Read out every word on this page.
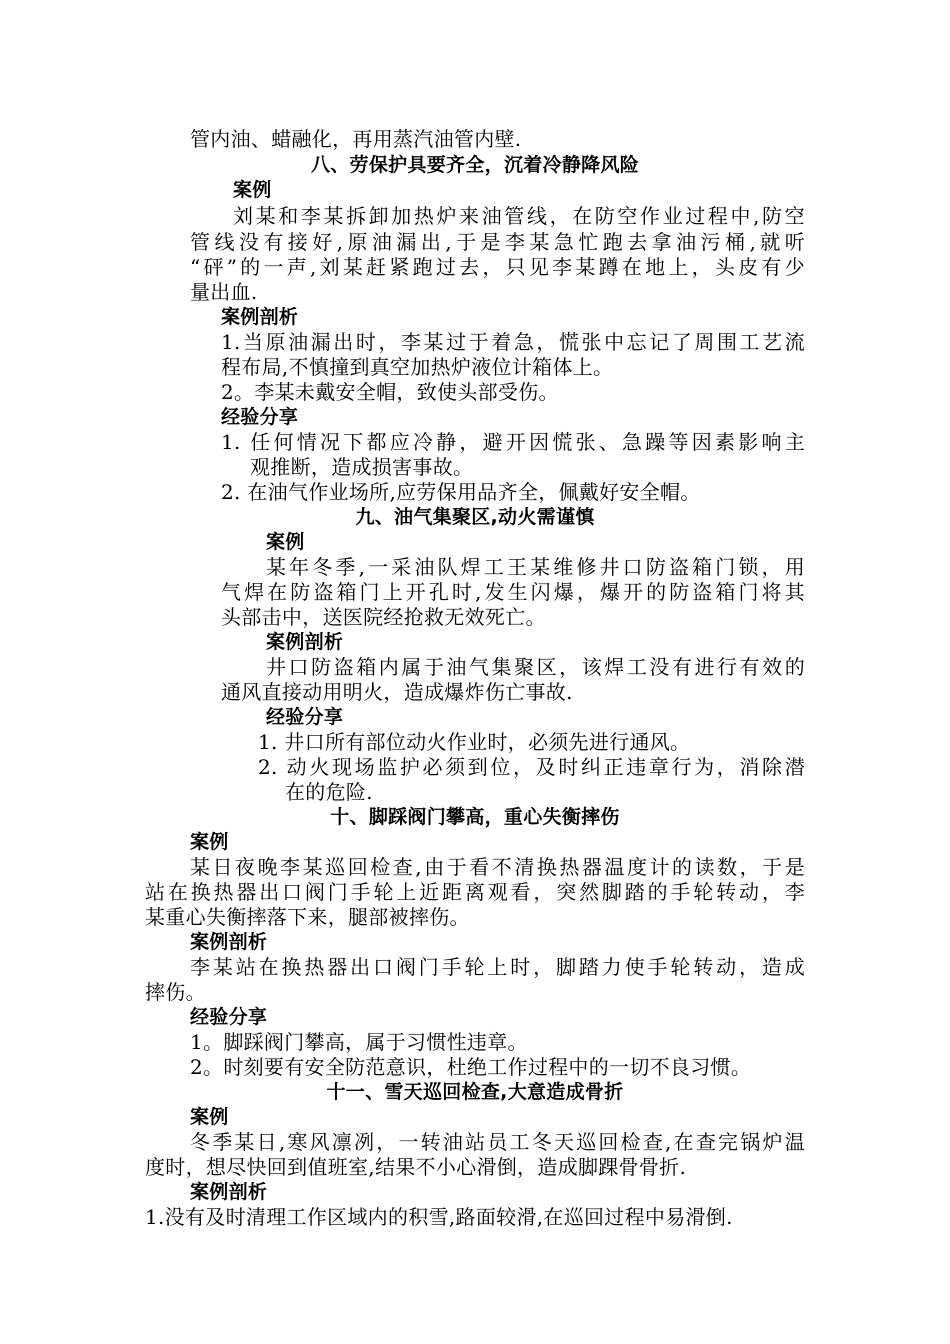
管内油、蜡融化，再用蒸汽油管内壁.
八、劳保护具要齐全，沉着冷静降风险
案例
刘某和李某拆卸加热炉来油管线，在防空作业过程中,防空
管线没有接好,原油漏出,于是李某急忙跑去拿油污桶,就听
“砰”的一声,刘某赶紧跑过去，只见李某蹲在地上，头皮有少
量出血.
案例剖析
1.当原油漏出时，李某过于着急，慌张中忘记了周围工艺流
程布局,不慎撞到真空加热炉液位计箱体上。
2。李某未戴安全帽，致使头部受伤。
经验分享
1. 任何情况下都应冷静，避开因慌张、急躁等因素影响主
观推断，造成损害事故。
2. 在油气作业场所,应劳保用品齐全，佩戴好安全帽。
九、油气集聚区,动火需谨慎
案例
某年冬季,一采油队焊工王某维修井口防盗箱门锁，用
气焊在防盗箱门上开孔时,发生闪爆，爆开的防盗箱门将其
头部击中，送医院经抢救无效死亡。
案例剖析
井口防盗箱内属于油气集聚区，该焊工没有进行有效的
通风直接动用明火，造成爆炸伤亡事故.
经验分享
1. 井口所有部位动火作业时，必须先进行通风。
2. 动火现场监护必须到位，及时纠正违章行为，消除潜
在的危险.
十、脚踩阀门攀高，重心失衡摔伤
案例
某日夜晚李某巡回检查,由于看不清换热器温度计的读数，于是
站在换热器出口阀门手轮上近距离观看，突然脚踏的手轮转动，李
某重心失衡摔落下来，腿部被摔伤。
案例剖析
李某站在换热器出口阀门手轮上时，脚踏力使手轮转动，造成
摔伤。
经验分享
1。脚踩阀门攀高，属于习惯性违章。
2。时刻要有安全防范意识，杜绝工作过程中的一切不良习惯。
十一、雪天巡回检查,大意造成骨折
案例
冬季某日,寒风凛冽，一转油站员工冬天巡回检查,在查完锅炉温
度时，想尽快回到值班室,结果不小心滑倒，造成脚踝骨骨折.
案例剖析
1.没有及时清理工作区域内的积雪,路面较滑,在巡回过程中易滑倒.
